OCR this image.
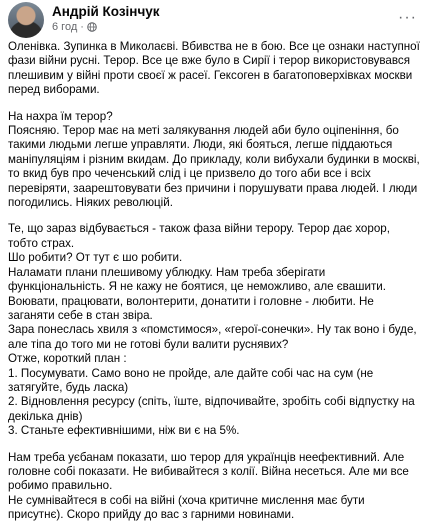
Андрій Козінчук
6 год ·
···

Оленівка. Зупинка в Миколаєві. Вбивства не в бою. Все це ознаки наступної фази війни русні. Терор. Все це вже було в Сирії і терор використовувався плешивим у війні проти своєї ж расеї. Гексоген в багатоповерхівках москви перед виборами.

На нахра їм терор?

Поясняю. Терор має на меті залякування людей аби було оціпеніння, бо такими людьми легше управляти. Люди, які бояться, легше піддаються маніпуляціям і різним вкидам. До прикладу, коли вибухали будинки в москві, то вкид був про чеченський слід і це призвело до того аби все і всіх перевіряти, заарештовувати без причини і порушувати права людей. І люди погодились. Ніяких революцій.

Те, що зараз відбувається - також фаза війни терору. Терор дає хорор, тобто страх.

Шо робити? От тут є шо робити.

Наламати плани плешивому ублюдку. Нам треба зберігати функціональність. Я не кажу не боятися, це неможливо, але євашити. Воювати, працювати, волонтерити, донатити і головне - любити. Не заганяти себе в стан звіра.

Зара понеслась хвиля з «помстимося», «герої-сонечки». Ну так воно і буде, але тіпа до того ми не готові були валити руснявих?

Отже, короткий план :

1. Посумувати. Само воно не пройде, але дайте собі час на сум (не затягуйте, будь ласка)

2. Відновлення ресурсу (спіть, їште, відпочивайте, зробіть собі відпустку на декілька днів)

3. Станьте ефективнішими, ніж ви є на 5%.

Нам треба уєбанам показати, шо терор для українців неефективний. Але головне собі показати. Не вибивайтеся з колії. Війна несеться. Але ми все робимо правильно.

Не сумнівайтеся в собі на війні (хоча критичне мислення має бути присутнє). Скоро прийду до вас з гарними новинами.
